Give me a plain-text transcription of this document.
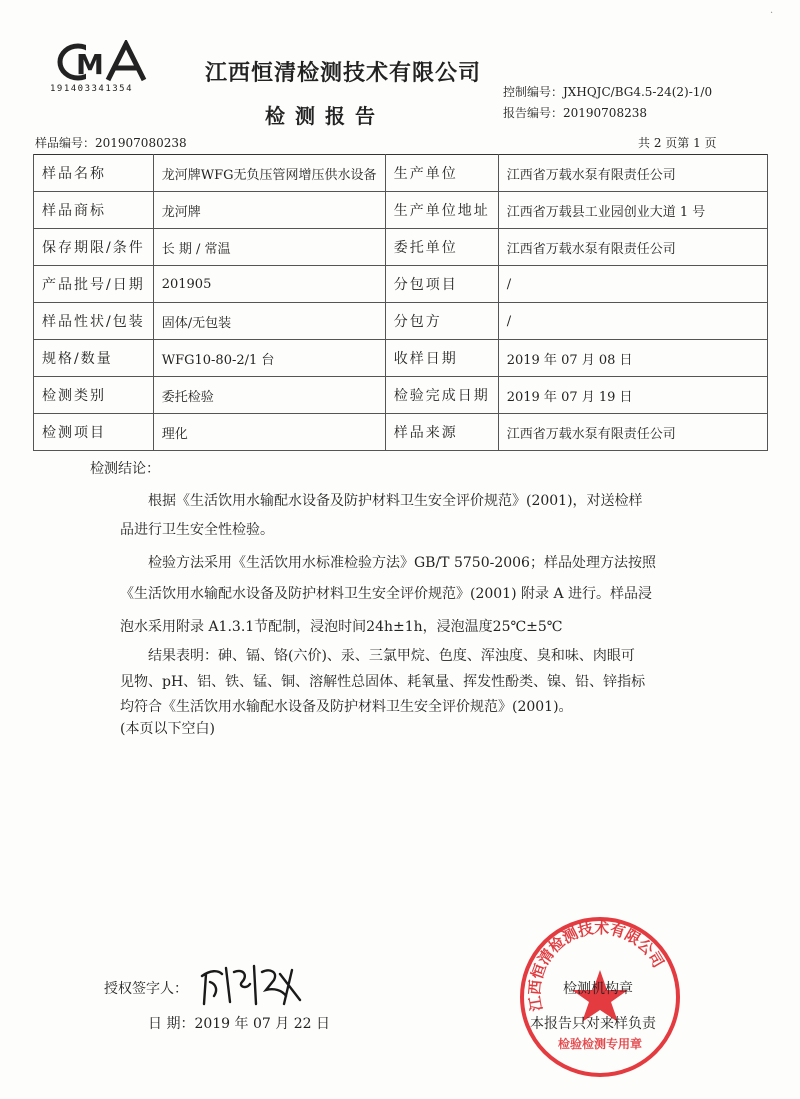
M
191403341354
江西恒清检测技术有限公司
检测报告
控制编号：JXHQJC/BG4.5-24(2)-1/0
报告编号：20190708238
样品编号：201907080238	共 2 页第 1 页
样品名称	龙河牌WFG无负压管网增压供水设备	生产单位	江西省万载水泵有限责任公司
样品商标	龙河牌	生产单位地址	江西省万载县工业园创业大道 1 号
保存期限/条件	长 期 / 常温	委托单位	江西省万载水泵有限责任公司
产品批号/日期	201905	分包项目	/
样品性状/包装	固体/无包装	分包方	/
规格/数量	WFG10-80-2/1 台	收样日期	2019 年 07 月 08 日
检测类别	委托检验	检验完成日期	2019 年 07 月 19 日
检测项目	理化	样品来源	江西省万载水泵有限责任公司
检测结论：
根据《生活饮用水输配水设备及防护材料卫生安全评价规范》(2001)，对送检样
品进行卫生安全性检验。
检验方法采用《生活饮用水标准检验方法》GB/T 5750-2006；样品处理方法按照
《生活饮用水输配水设备及防护材料卫生安全评价规范》(2001) 附录 A 进行。样品浸
泡水采用附录 A1.3.1节配制，浸泡时间24h±1h，浸泡温度25℃±5℃
结果表明：砷、镉、铬(六价)、汞、三氯甲烷、色度、浑浊度、臭和味、肉眼可
见物、pH、铝、铁、锰、铜、溶解性总固体、耗氧量、挥发性酚类、镍、铅、锌指标
均符合《生活饮用水输配水设备及防护材料卫生安全评价规范》(2001)。
(本页以下空白)
江西恒清检测技术有限公司
检验检测专用章
授权签字人：
日 期：2019 年 07 月 22 日
检测机构章
本报告只对来样负责
·
